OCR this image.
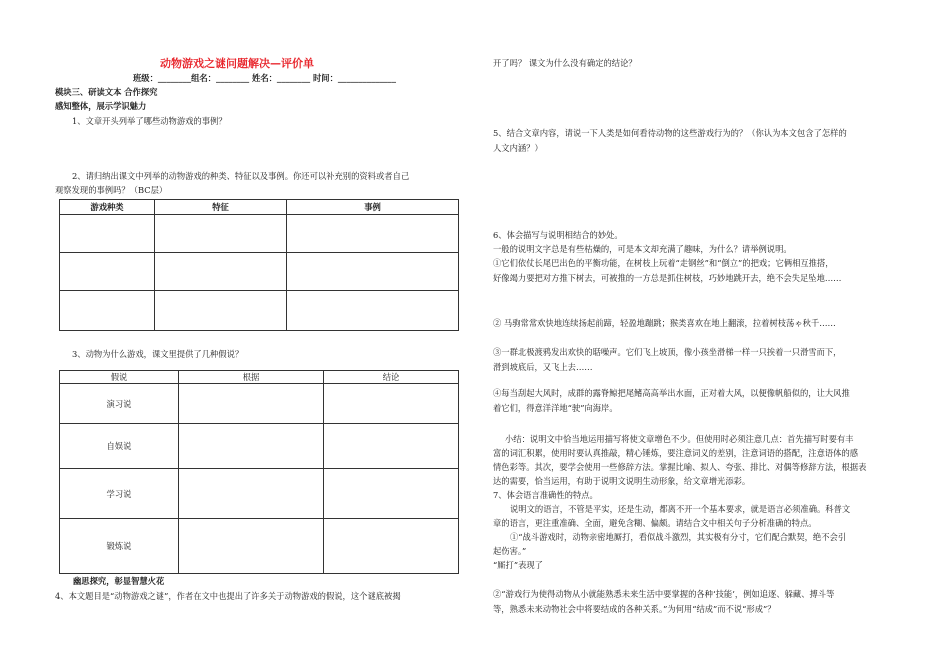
动物游戏之谜问题解决—评价单
班级：________组名：________ 姓名：________ 时间：______________
模块三、研读文本 合作探究
感知整体，展示学识魅力
1、文章开头列举了哪些动物游戏的事例？
2、请归纳出课文中列举的动物游戏的种类、特征以及事例。你还可以补充别的资料或者自己
观察发现的事例吗？（BC层）
游戏种类	特征	事例

3、动物为什么游戏，课文里提供了几种假说？
假说	根据	结论
演习说		
自娱说		
学习说		
锻炼说		
幽思探究，彰显智慧火花
4、本文题目是“动物游戏之谜”，作者在文中也提出了许多关于动物游戏的假说，这个谜底被揭
开了吗？ 课文为什么没有确定的结论？
5、结合文章内容，请说一下人类是如何看待动物的这些游戏行为的？（你认为本文包含了怎样的
人文内涵？）
6、体会描写与说明相结合的妙处。
一般的说明文字总是有些枯燥的，可是本文却充满了趣味，为什么？请举例说明。
①它们依仗长尾巴出色的平衡功能，在树枝上玩着“走钢丝”和“倒立”的把戏；它俩相互推搭，
好像竭力要把对方推下树去，可被推的一方总是抓住树枝，巧妙地跳开去，绝不会失足坠地……
② 马驹常常欢快地连续扬起前蹄，轻盈地蹦跳；猴类喜欢在地上翻滚，拉着树枝荡ゃ秋千……
③一群北极渡鸦发出欢快的聒噪声。它们飞上坡顶，像小孩坐滑梯一样一只挨着一只滑雪而下，
滑到坡底后，又飞上去……
④每当刮起大风时，成群的露脊鲸把尾鳍高高举出水面，正对着大风，以便像帆船似的，让大风推
着它们，得意洋洋地“驶”向海岸。
小结：说明文中恰当地运用描写将使文章增色不少。但使用时必须注意几点：首先描写时要有丰
富的词汇积累，使用时要认真推敲，精心锤炼，要注意词义的差别，注意词语的搭配，注意语体的感
情色彩等。其次，要学会使用一些修辞方法。掌握比喻、拟人、夸张、排比、对偶等修辞方法，根据表
达的需要，恰当运用，有助于说明文说明生动形象，给文章增光添彩。
7、体会语言准确性的特点。
说明文的语言，不管是平实，还是生动，都离不开一个基本要求，就是语言必须准确。科普文
章的语言，更注重准确、全面，避免含糊、偏颇。请结合文中相关句子分析准确的特点。
①“战斗游戏时，动物亲密地厮打，看似战斗激烈，其实极有分寸，它们配合默契，绝不会引
起伤害。”
“厮打”表现了
②“游戏行为使得动物从小就能熟悉未来生活中要掌握的各种‘技能’，例如追逐、躲藏、搏斗等
等，熟悉未来动物社会中将要结成的各种关系。”为何用“结成”而不说“形成”？
